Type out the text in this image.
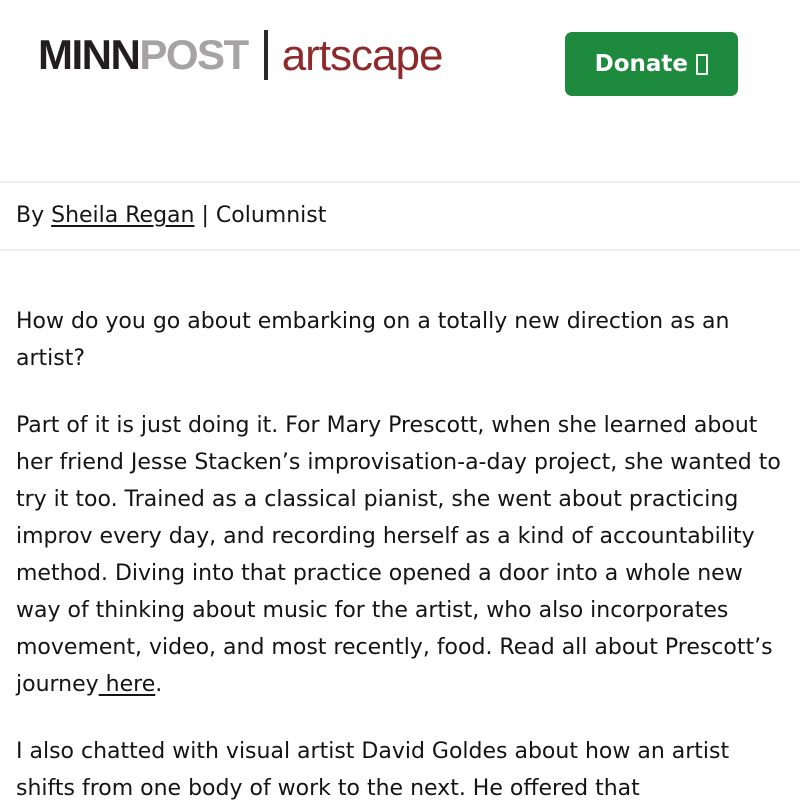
MINN POST artscape	Donate
By Sheila Regan | Columnist

How do you go about embarking on a totally new direction as an artist?

Part of it is just doing it. For Mary Prescott, when she learned about her friend Jesse Stacken’s improvisation-a-day project, she wanted to try it too. Trained as a classical pianist, she went about practicing improv every day, and recording herself as a kind of accountability method. Diving into that practice opened a door into a whole new way of thinking about music for the artist, who also incorporates movement, video, and most recently, food. Read all about Prescott’s journey here.

I also chatted with visual artist David Goldes about how an artist shifts from one body of work to the next. He offered that
